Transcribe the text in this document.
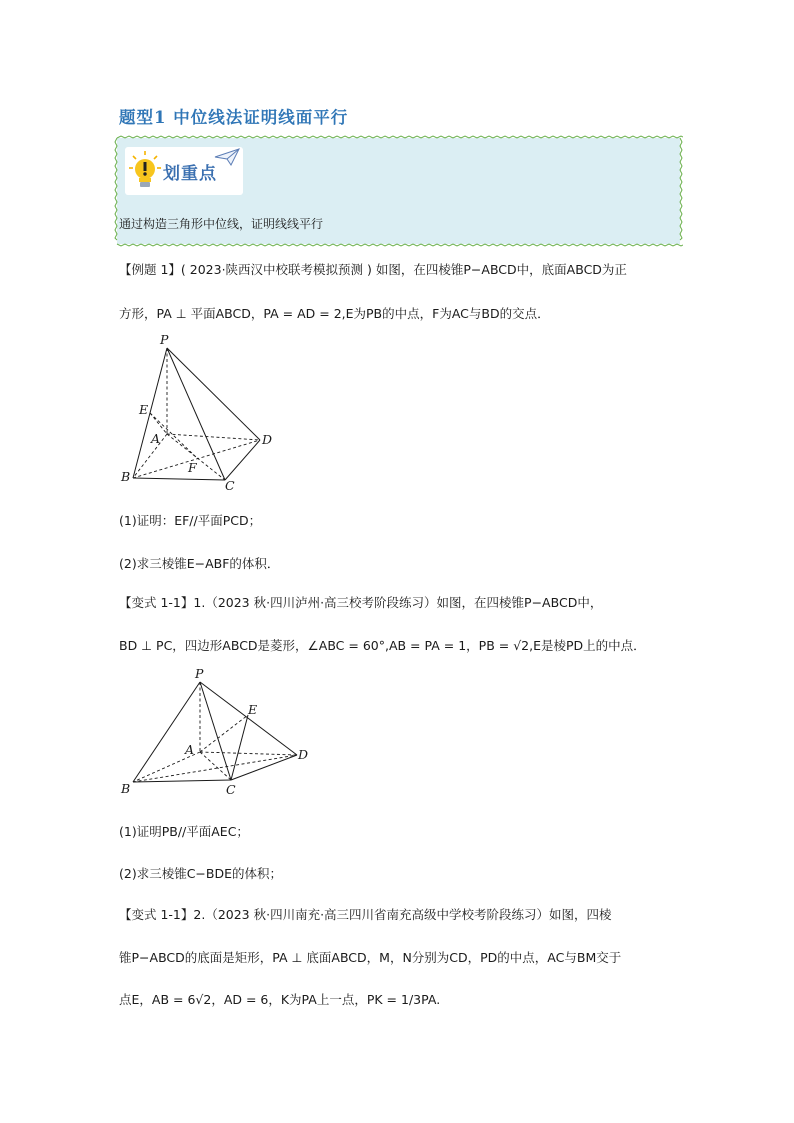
题型1 中位线法证明线面平行
划重点
通过构造三角形中位线，证明线线平行
【例题 1】( 2023·陕西汉中校联考模拟预测 ) 如图，在四棱锥P−ABCD中，底面ABCD为正
方形，PA ⊥ 平面ABCD，PA = AD = 2,E为PB的中点，F为AC与BD的交点．
P
E
A	D
F
B
C
(1)证明：EF//平面PCD；
(2)求三棱锥E−ABF的体积．
【变式 1-1】1.（2023 秋·四川泸州·高三校考阶段练习）如图，在四棱锥P−ABCD中，
BD ⊥ PC，四边形ABCD是菱形，∠ABC = 60°,AB = PA = 1，PB = √2,E是棱PD上的中点．
P
E
A	D
B	C
(1)证明PB//平面AEC；
(2)求三棱锥C−BDE的体积；
【变式 1-1】2.（2023 秋·四川南充·高三四川省南充高级中学校考阶段练习）如图，四棱
锥P−ABCD的底面是矩形，PA ⊥ 底面ABCD，M，N分别为CD，PD的中点，AC与BM交于
点E，AB = 6√2，AD = 6，K为PA上一点，PK = 1/3PA.
